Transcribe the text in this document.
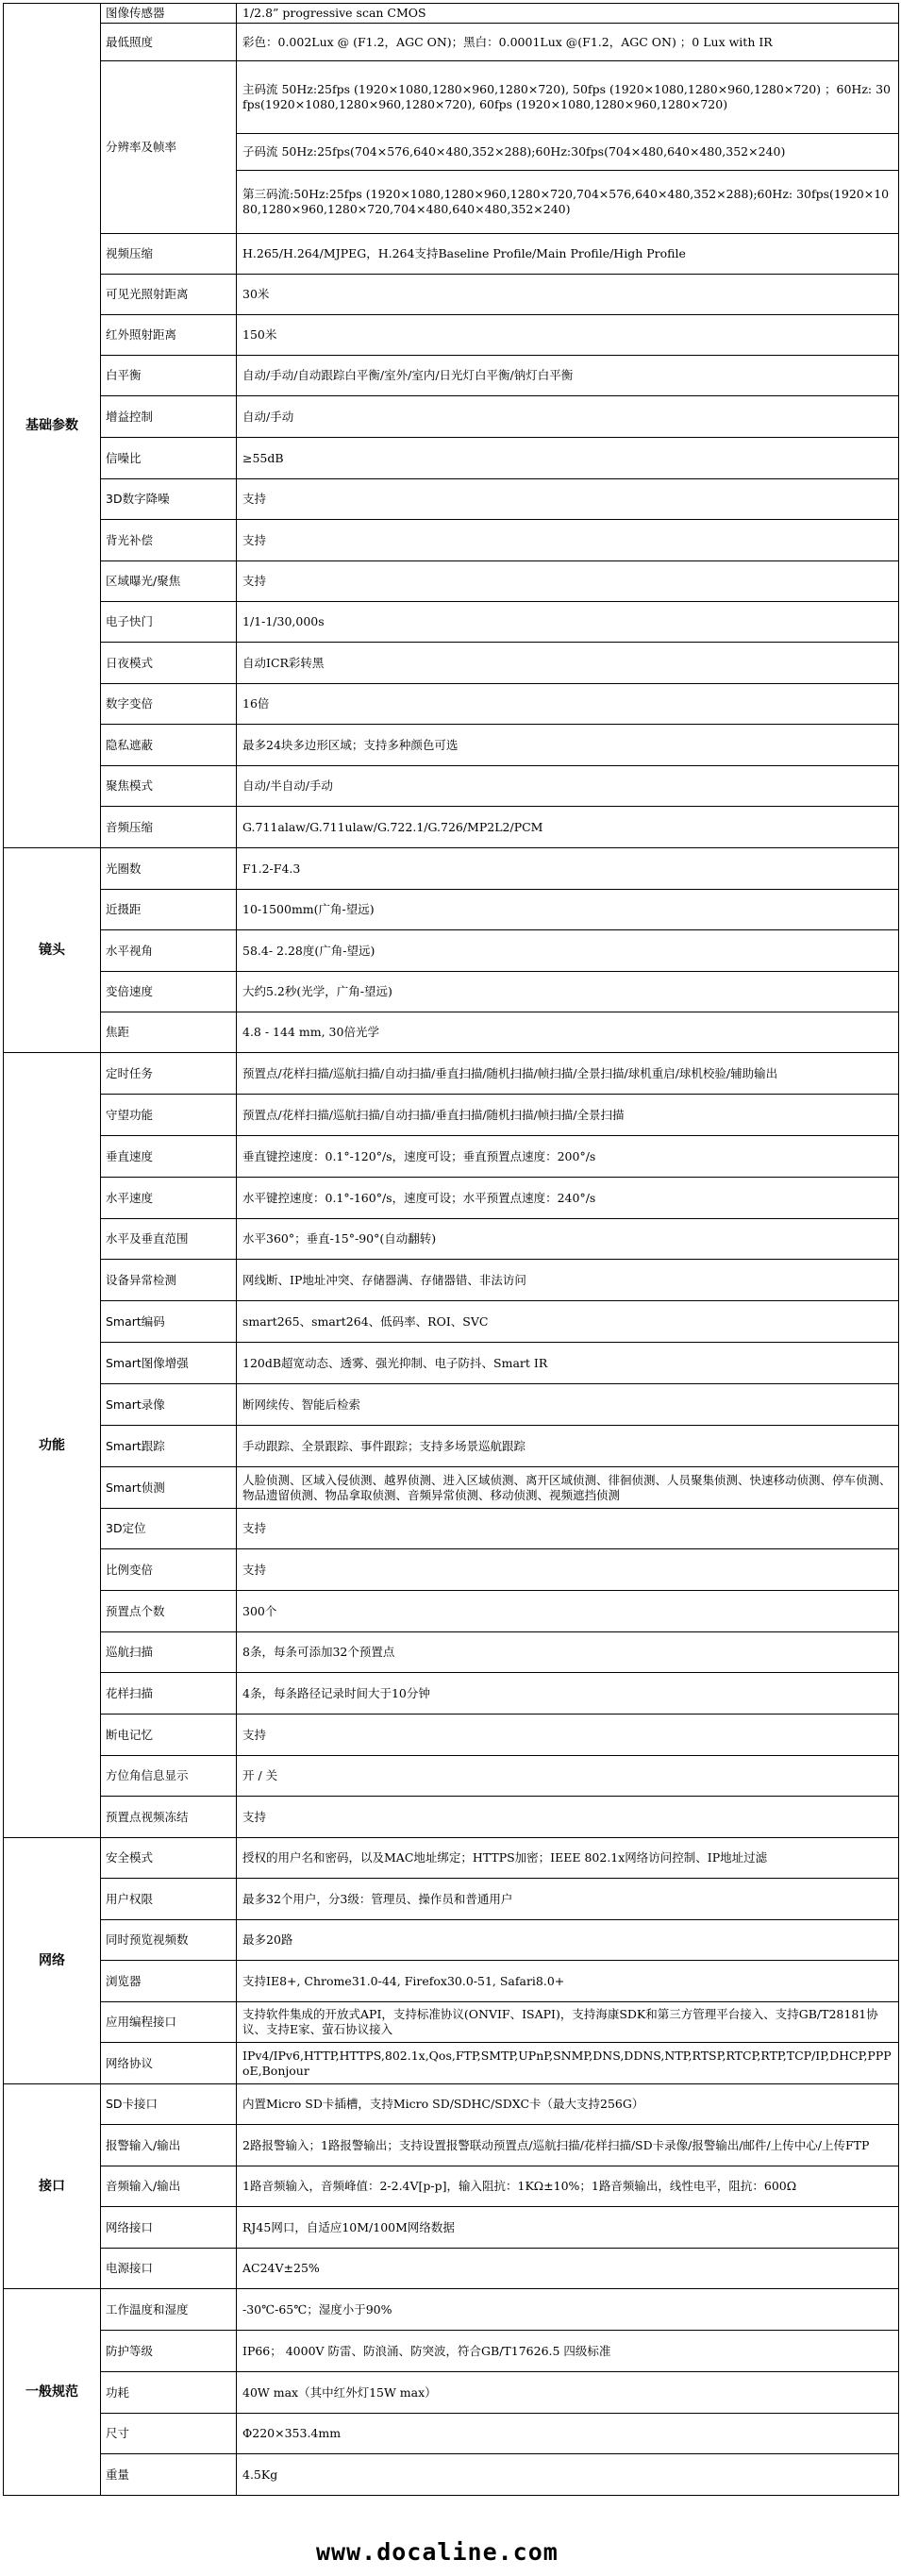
基础参数	图像传感器	1/2.8” progressive scan CMOS
	最低照度	彩色：0.002Lux @ (F1.2，AGC ON)；黑白：0.0001Lux @(F1.2，AGC ON) ；0 Lux with IR
	分辨率及帧率	主码流 50Hz:25fps (1920×1080,1280×960,1280×720), 50fps (1920×1080,1280×960,1280×720) ；60Hz: 30fps(1920×1080,1280×960,1280×720), 60fps (1920×1080,1280×960,1280×720)
子码流 50Hz:25fps(704×576,640×480,352×288);60Hz:30fps(704×480,640×480,352×240)
第三码流:50Hz:25fps (1920×1080,1280×960,1280×720,704×576,640×480,352×288);60Hz: 30fps(1920×1080,1280×960,1280×720,704×480,640×480,352×240)

	视频压缩	H.265/H.264/MJPEG，H.264支持Baseline Profile/Main Profile/High Profile
	可见光照射距离	30米
	红外照射距离	150米
	白平衡	自动/手动/自动跟踪白平衡/室外/室内/日光灯白平衡/钠灯白平衡
	增益控制	自动/手动
	信噪比	≥55dB
	3D数字降噪	支持
	背光补偿	支持
	区域曝光/聚焦	支持
	电子快门	1/1-1/30,000s
	日夜模式	自动ICR彩转黑
	数字变倍	16倍
	隐私遮蔽	最多24块多边形区域；支持多种颜色可选
	聚焦模式	自动/半自动/手动
	音频压缩	G.711alaw/G.711ulaw/G.722.1/G.726/MP2L2/PCM
镜头	光圈数	F1.2-F4.3
	近摄距	10-1500mm(广角-望远)
	水平视角	58.4- 2.28度(广角-望远)
	变倍速度	大约5.2秒(光学，广角-望远)
	焦距	4.8 - 144 mm, 30倍光学
功能	定时任务	预置点/花样扫描/巡航扫描/自动扫描/垂直扫描/随机扫描/帧扫描/全景扫描/球机重启/球机校验/辅助输出
	守望功能	预置点/花样扫描/巡航扫描/自动扫描/垂直扫描/随机扫描/帧扫描/全景扫描
	垂直速度	垂直键控速度：0.1°-120°/s，速度可设；垂直预置点速度：200°/s
	水平速度	水平键控速度：0.1°-160°/s，速度可设；水平预置点速度：240°/s
	水平及垂直范围	水平360°；垂直-15°-90°(自动翻转)
	设备异常检测	网线断、IP地址冲突、存储器满、存储器错、非法访问
	Smart编码	smart265、smart264、低码率、ROI、SVC
	Smart图像增强	120dB超宽动态、透雾、强光抑制、电子防抖、Smart IR
	Smart录像	断网续传、智能后检索
	Smart跟踪	手动跟踪、全景跟踪、事件跟踪；支持多场景巡航跟踪
	Smart侦测	人脸侦测、区域入侵侦测、越界侦测、进入区域侦测、离开区域侦测、徘徊侦测、人员聚集侦测、快速移动侦测、停车侦测、物品遗留侦测、物品拿取侦测、音频异常侦测、移动侦测、视频遮挡侦测
	3D定位	支持
	比例变倍	支持
	预置点个数	300个
	巡航扫描	8条，每条可添加32个预置点
	花样扫描	4条，每条路径记录时间大于10分钟
	断电记忆	支持
	方位角信息显示	开 / 关
	预置点视频冻结	支持
网络	安全模式	授权的用户名和密码，以及MAC地址绑定；HTTPS加密；IEEE 802.1x网络访问控制、IP地址过滤
	用户权限	最多32个用户，分3级：管理员、操作员和普通用户
	同时预览视频数	最多20路
	浏览器	支持IE8+, Chrome31.0-44, Firefox30.0-51, Safari8.0+
	应用编程接口	支持软件集成的开放式API，支持标准协议(ONVIF、ISAPI)，支持海康SDK和第三方管理平台接入、支持GB/T28181协议、支持E家、萤石协议接入
	网络协议	IPv4/IPv6,HTTP,HTTPS,802.1x,Qos,FTP,SMTP,UPnP,SNMP,DNS,DDNS,NTP,RTSP,RTCP,RTP,TCP/IP,DHCP,PPPoE,Bonjour
接口	SD卡接口	内置Micro SD卡插槽，支持Micro SD/SDHC/SDXC卡（最大支持256G）
	报警输入/输出	2路报警输入；1路报警输出；支持设置报警联动预置点/巡航扫描/花样扫描/SD卡录像/报警输出/邮件/上传中心/上传FTP
	音频输入/输出	1路音频输入，音频峰值：2-2.4V[p-p]，输入阻抗：1KΩ±10%；1路音频输出，线性电平，阻抗：600Ω
	网络接口	RJ45网口，自适应10M/100M网络数据
	电源接口	AC24V±25%
一般规范	工作温度和湿度	-30℃-65℃；湿度小于90%
	防护等级	IP66； 4000V 防雷、防浪涌、防突波，符合GB/T17626.5 四级标准
	功耗	40W max（其中红外灯15W max）
	尺寸	Φ220×353.4mm
	重量	4.5Kg
www.docaline.com
